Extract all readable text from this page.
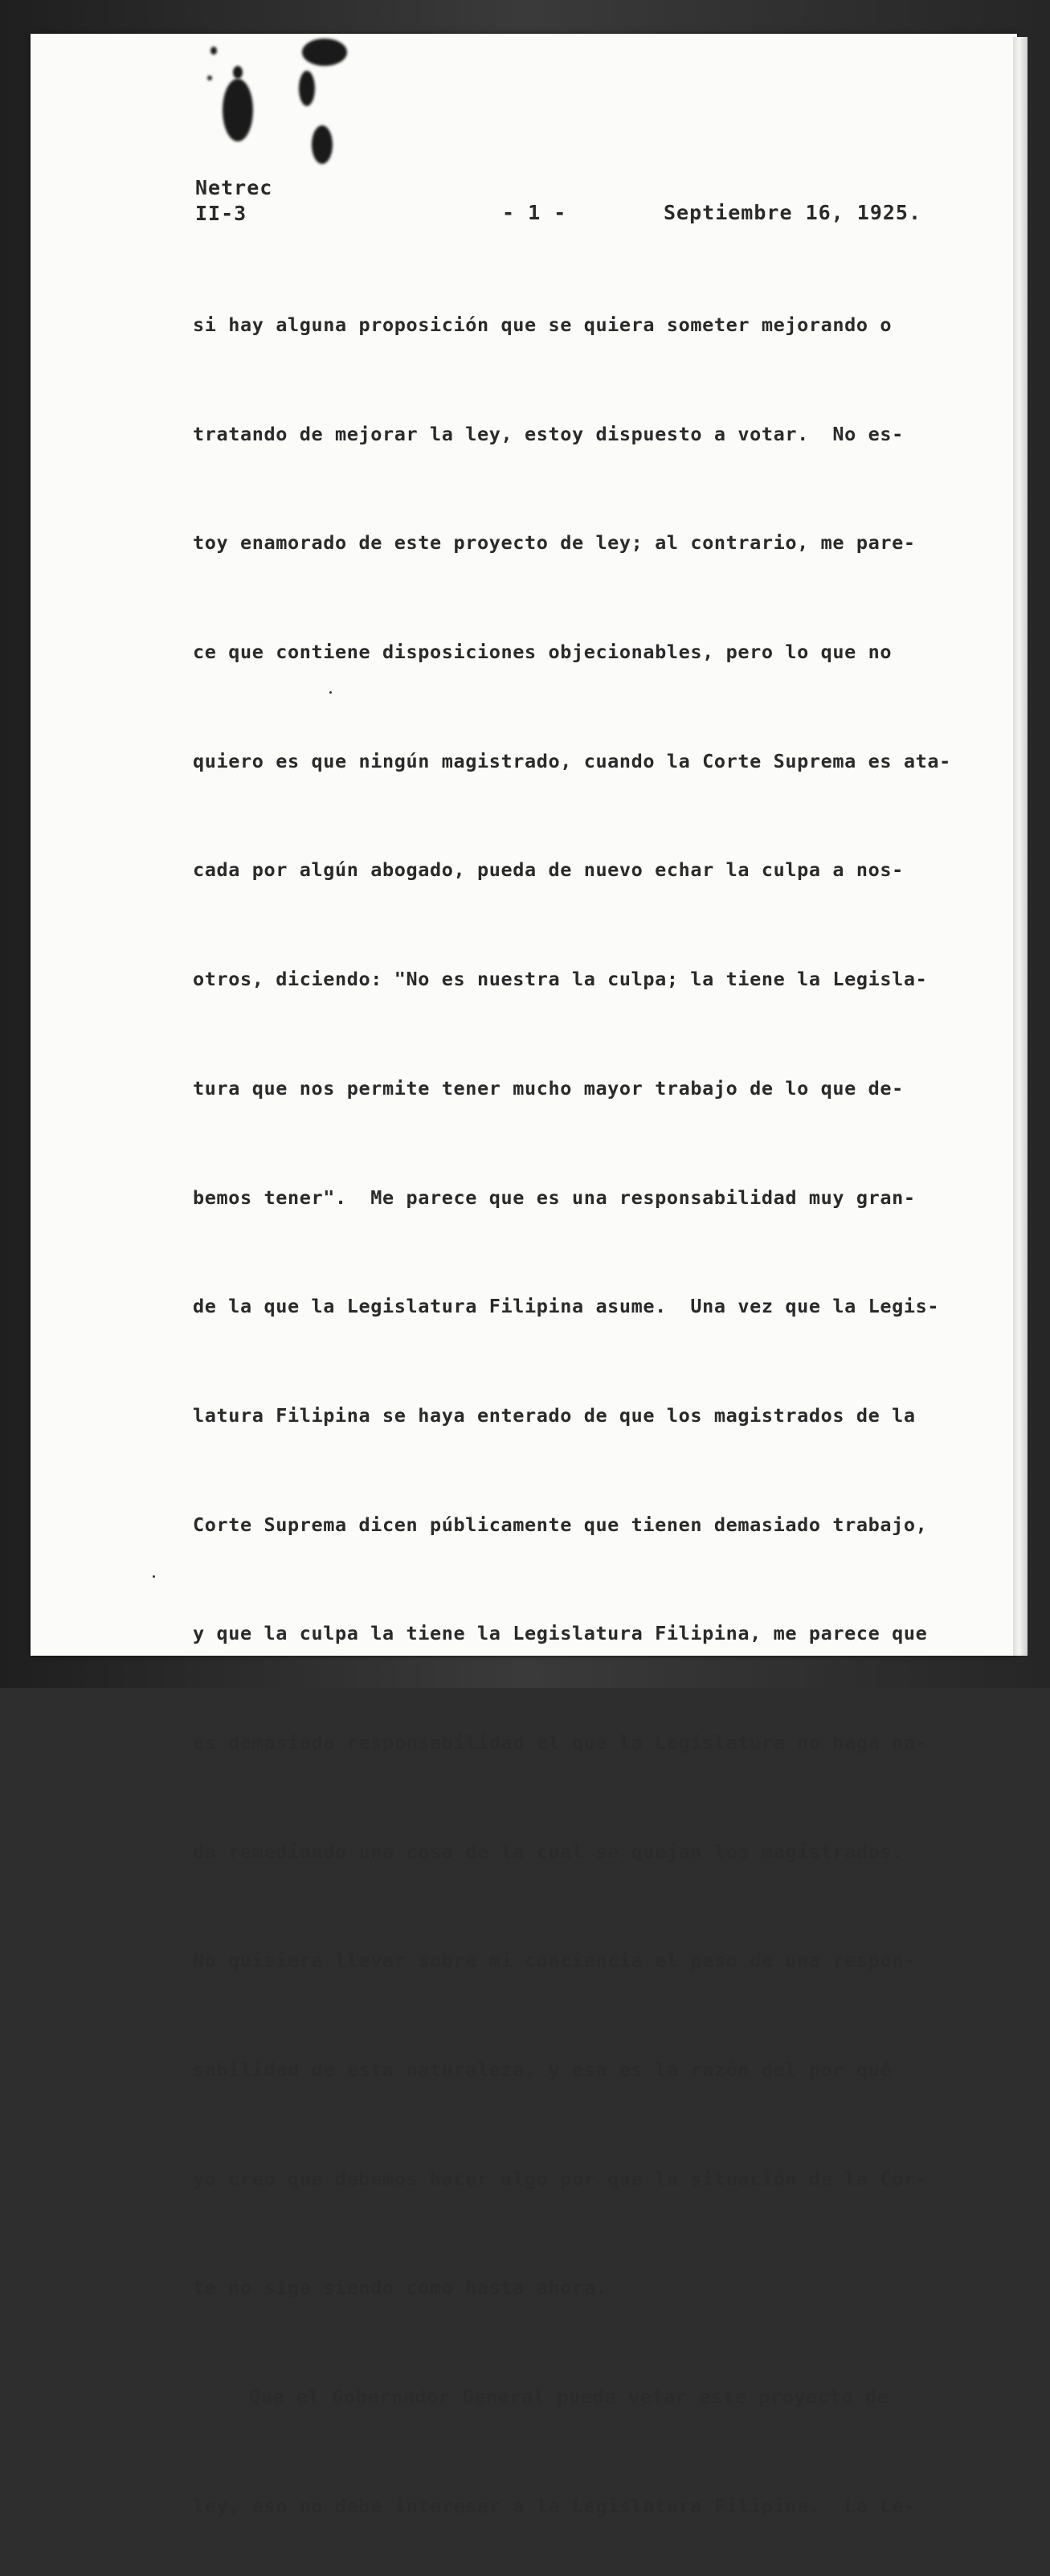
Netrec
II-3	- 1 -	Septiembre 16, 1925.

si hay alguna proposición que se quiera someter mejorando o

tratando de mejorar la ley, estoy dispuesto a votar.  No es-

toy enamorado de este proyecto de ley; al contrario, me pare-

ce que contiene disposiciones objecionables, pero lo que no

quiero es que ningún magistrado, cuando la Corte Suprema es ata-

cada por algún abogado, pueda de nuevo echar la culpa a nos-

otros, diciendo: "No es nuestra la culpa; la tiene la Legisla-

tura que nos permite tener mucho mayor trabajo de lo que de-

bemos tener".  Me parece que es una responsabilidad muy gran-

de la que la Legislatura Filipina asume.  Una vez que la Legis-

latura Filipina se haya enterado de que los magistrados de la

Corte Suprema dicen públicamente que tienen demasiado trabajo,

y que la culpa la tiene la Legislatura Filipina, me parece que

es demasiada responsabilidad el que la Legislatura no haga na-

da remediando una cosa de la cual se quejan los magistrados.

No quisiera llevar sobre mi conciencia el peso de una respon-

sabilidad de esta naturaleza, y esa es la razón del por qué

yo creo que debemos hacer algo por que la situación de la Cor-

te no siga siendo como hasta ahora.

Que el Gobernador General pueda vetar este proyecto de

ley, eso no debe interesar a la Legislatura Filipina.  La Le-
